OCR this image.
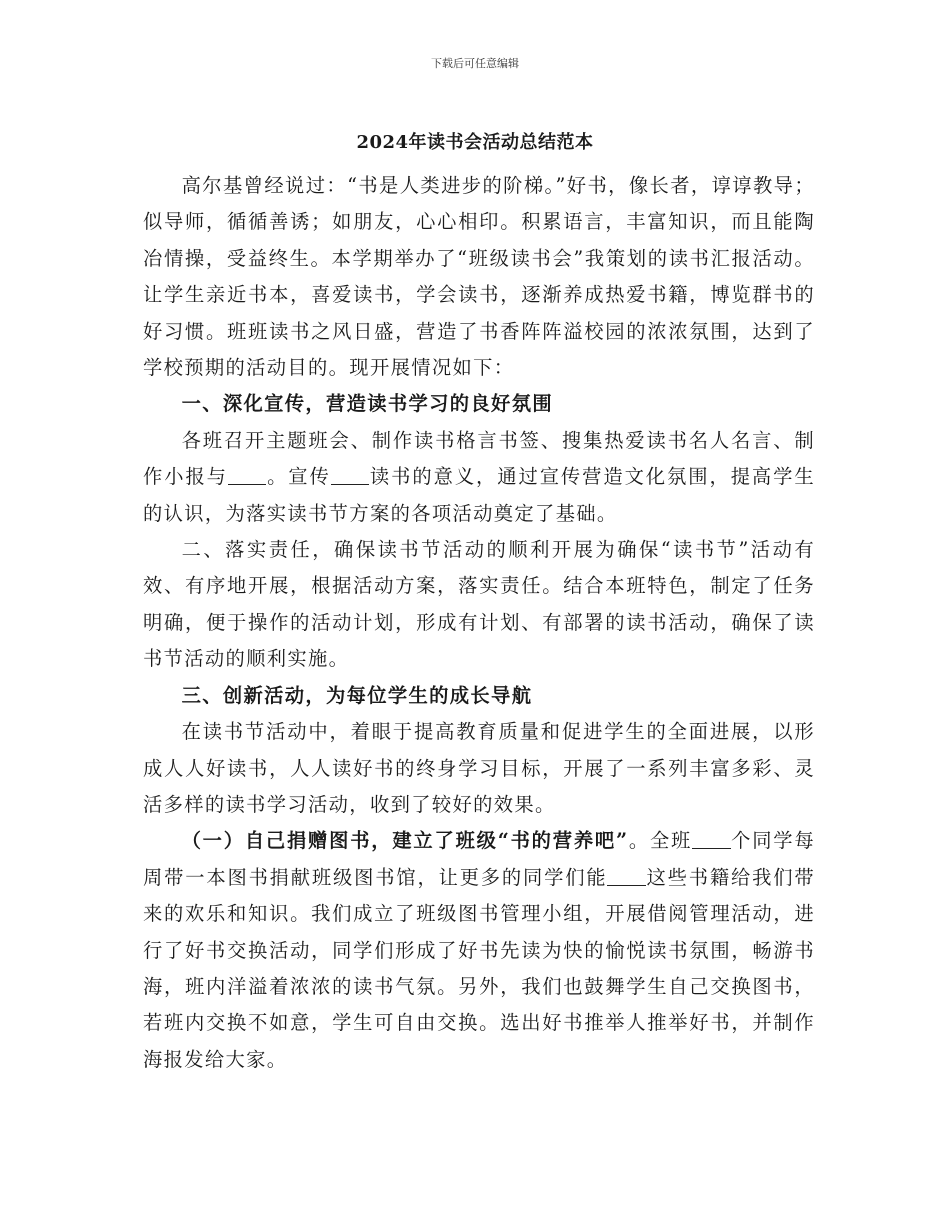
下载后可任意编辑
2024年读书会活动总结范本

高尔基曾经说过：“书是人类进步的阶梯。”好书，像长者，谆谆教导；似导师，循循善诱；如朋友，心心相印。积累语言，丰富知识，而且能陶冶情操，受益终生。本学期举办了“班级读书会”我策划的读书汇报活动。让学生亲近书本，喜爱读书，学会读书，逐渐养成热爱书籍，博览群书的好习惯。班班读书之风日盛，营造了书香阵阵溢校园的浓浓氛围，达到了学校预期的活动目的。现开展情况如下：

一、深化宣传，营造读书学习的良好氛围

各班召开主题班会、制作读书格言书签、搜集热爱读书名人名言、制作小报与 。宣传 读书的意义，通过宣传营造文化氛围，提高学生的认识，为落实读书节方案的各项活动奠定了基础。

二、落实责任，确保读书节活动的顺利开展为确保“读书节”活动有效、有序地开展，根据活动方案，落实责任。结合本班特色，制定了任务明确，便于操作的活动计划，形成有计划、有部署的读书活动，确保了读书节活动的顺利实施。

三、创新活动，为每位学生的成长导航

在读书节活动中，着眼于提高教育质量和促进学生的全面进展，以形成人人好读书，人人读好书的终身学习目标，开展了一系列丰富多彩、灵活多样的读书学习活动，收到了较好的效果。

（一）自己捐赠图书，建立了班级“书的营养吧”。全班 个同学每周带一本图书捐献班级图书馆，让更多的同学们能 这些书籍给我们带来的欢乐和知识。我们成立了班级图书管理小组，开展借阅管理活动，进行了好书交换活动，同学们形成了好书先读为快的愉悦读书氛围，畅游书海，班内洋溢着浓浓的读书气氛。另外，我们也鼓舞学生自己交换图书，若班内交换不如意，学生可自由交换。选出好书推举人推举好书，并制作海报发给大家。
